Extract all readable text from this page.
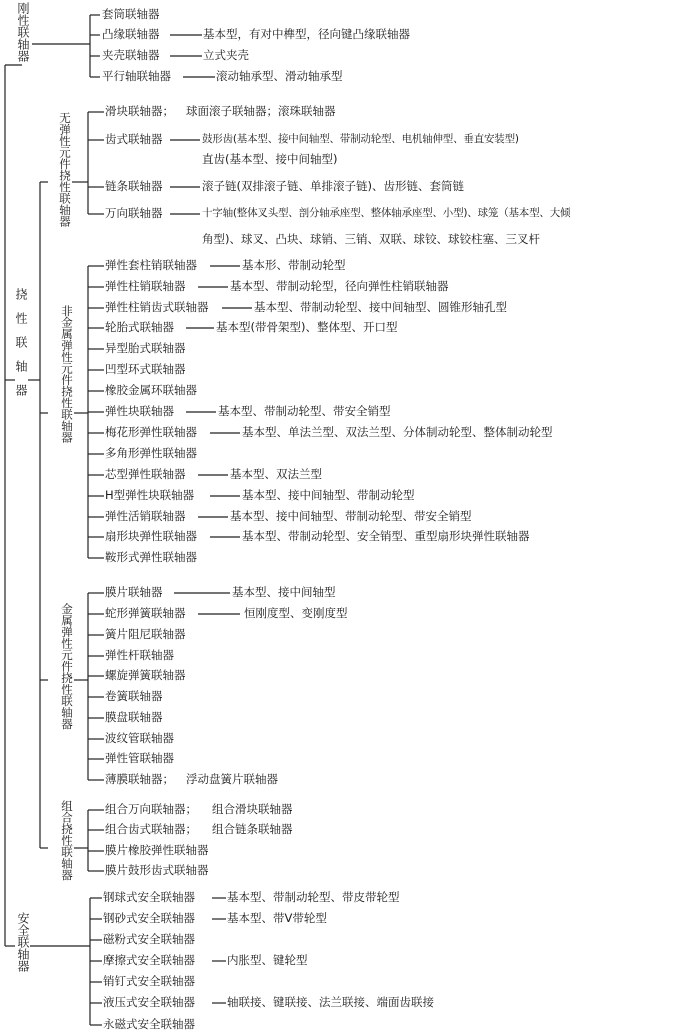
刚性联轴器	套筒联轴器
凸缘联轴器	基本型，有对中榫型，径向键凸缘联轴器
夹壳联轴器	立式夹壳
平行轴联轴器	滚动轴承型、滑动轴承型
挠性联轴器
无弹性元件挠性联轴器
滑块联轴器； 球面滚子联轴器；滚珠联轴器
齿式联轴器	鼓形齿(基本型、接中间轴型、带制动轮型、电机轴伸型、垂直安装型)
直齿(基本型、接中间轴型)
链条联轴器	滚子链(双排滚子链、单排滚子链)、齿形链、套筒链
万向联轴器	十字轴(整体叉头型、剖分轴承座型、整体轴承座型、小型)、球笼（基本型、大倾
角型)、球叉、凸块、球销、三销、双联、球铰、球铰柱塞、三叉杆
非金属弹性元件挠性联轴器
弹性套柱销联轴器	基本形、带制动轮型
弹性柱销联轴器	基本型、带制动轮型，径向弹性柱销联轴器
弹性柱销齿式联轴器	基本型、带制动轮型、接中间轴型、圆锥形轴孔型
轮胎式联轴器	基本型(带骨架型)、整体型、开口型
异型胎式联轴器
凹型环式联轴器
橡胶金属环联轴器
弹性块联轴器	基本型、带制动轮型、带安全销型
梅花形弹性联轴器	基本型、单法兰型、双法兰型、分体制动轮型、整体制动轮型
多角形弹性联轴器
芯型弹性联轴器	基本型、双法兰型
H型弹性块联轴器	基本型、接中间轴型、带制动轮型
弹性活销联轴器	基本型、接中间轴型、带制动轮型、带安全销型
扇形块弹性联轴器	基本型、带制动轮型、安全销型、重型扇形块弹性联轴器
鞍形式弹性联轴器
金属弹性元件挠性联轴器
膜片联轴器	基本型、接中间轴型
蛇形弹簧联轴器	恒刚度型、变刚度型
簧片阻尼联轴器
弹性杆联轴器
螺旋弹簧联轴器
卷簧联轴器
膜盘联轴器
波纹管联轴器
弹性管联轴器
薄膜联轴器； 浮动盘簧片联轴器
组合挠性联轴器	组合万向联轴器； 组合滑块联轴器
组合齿式联轴器； 组合链条联轴器
膜片橡胶弹性联轴器
膜片鼓形齿式联轴器
安全联轴器
钢球式安全联轴器	基本型、带制动轮型、带皮带轮型
钢砂式安全联轴器	基本型、带V带轮型
磁粉式安全联轴器
摩擦式安全联轴器	内胀型、键轮型
销钉式安全联轴器
液压式安全联轴器	轴联接、键联接、法兰联接、端面齿联接
永磁式安全联轴器
